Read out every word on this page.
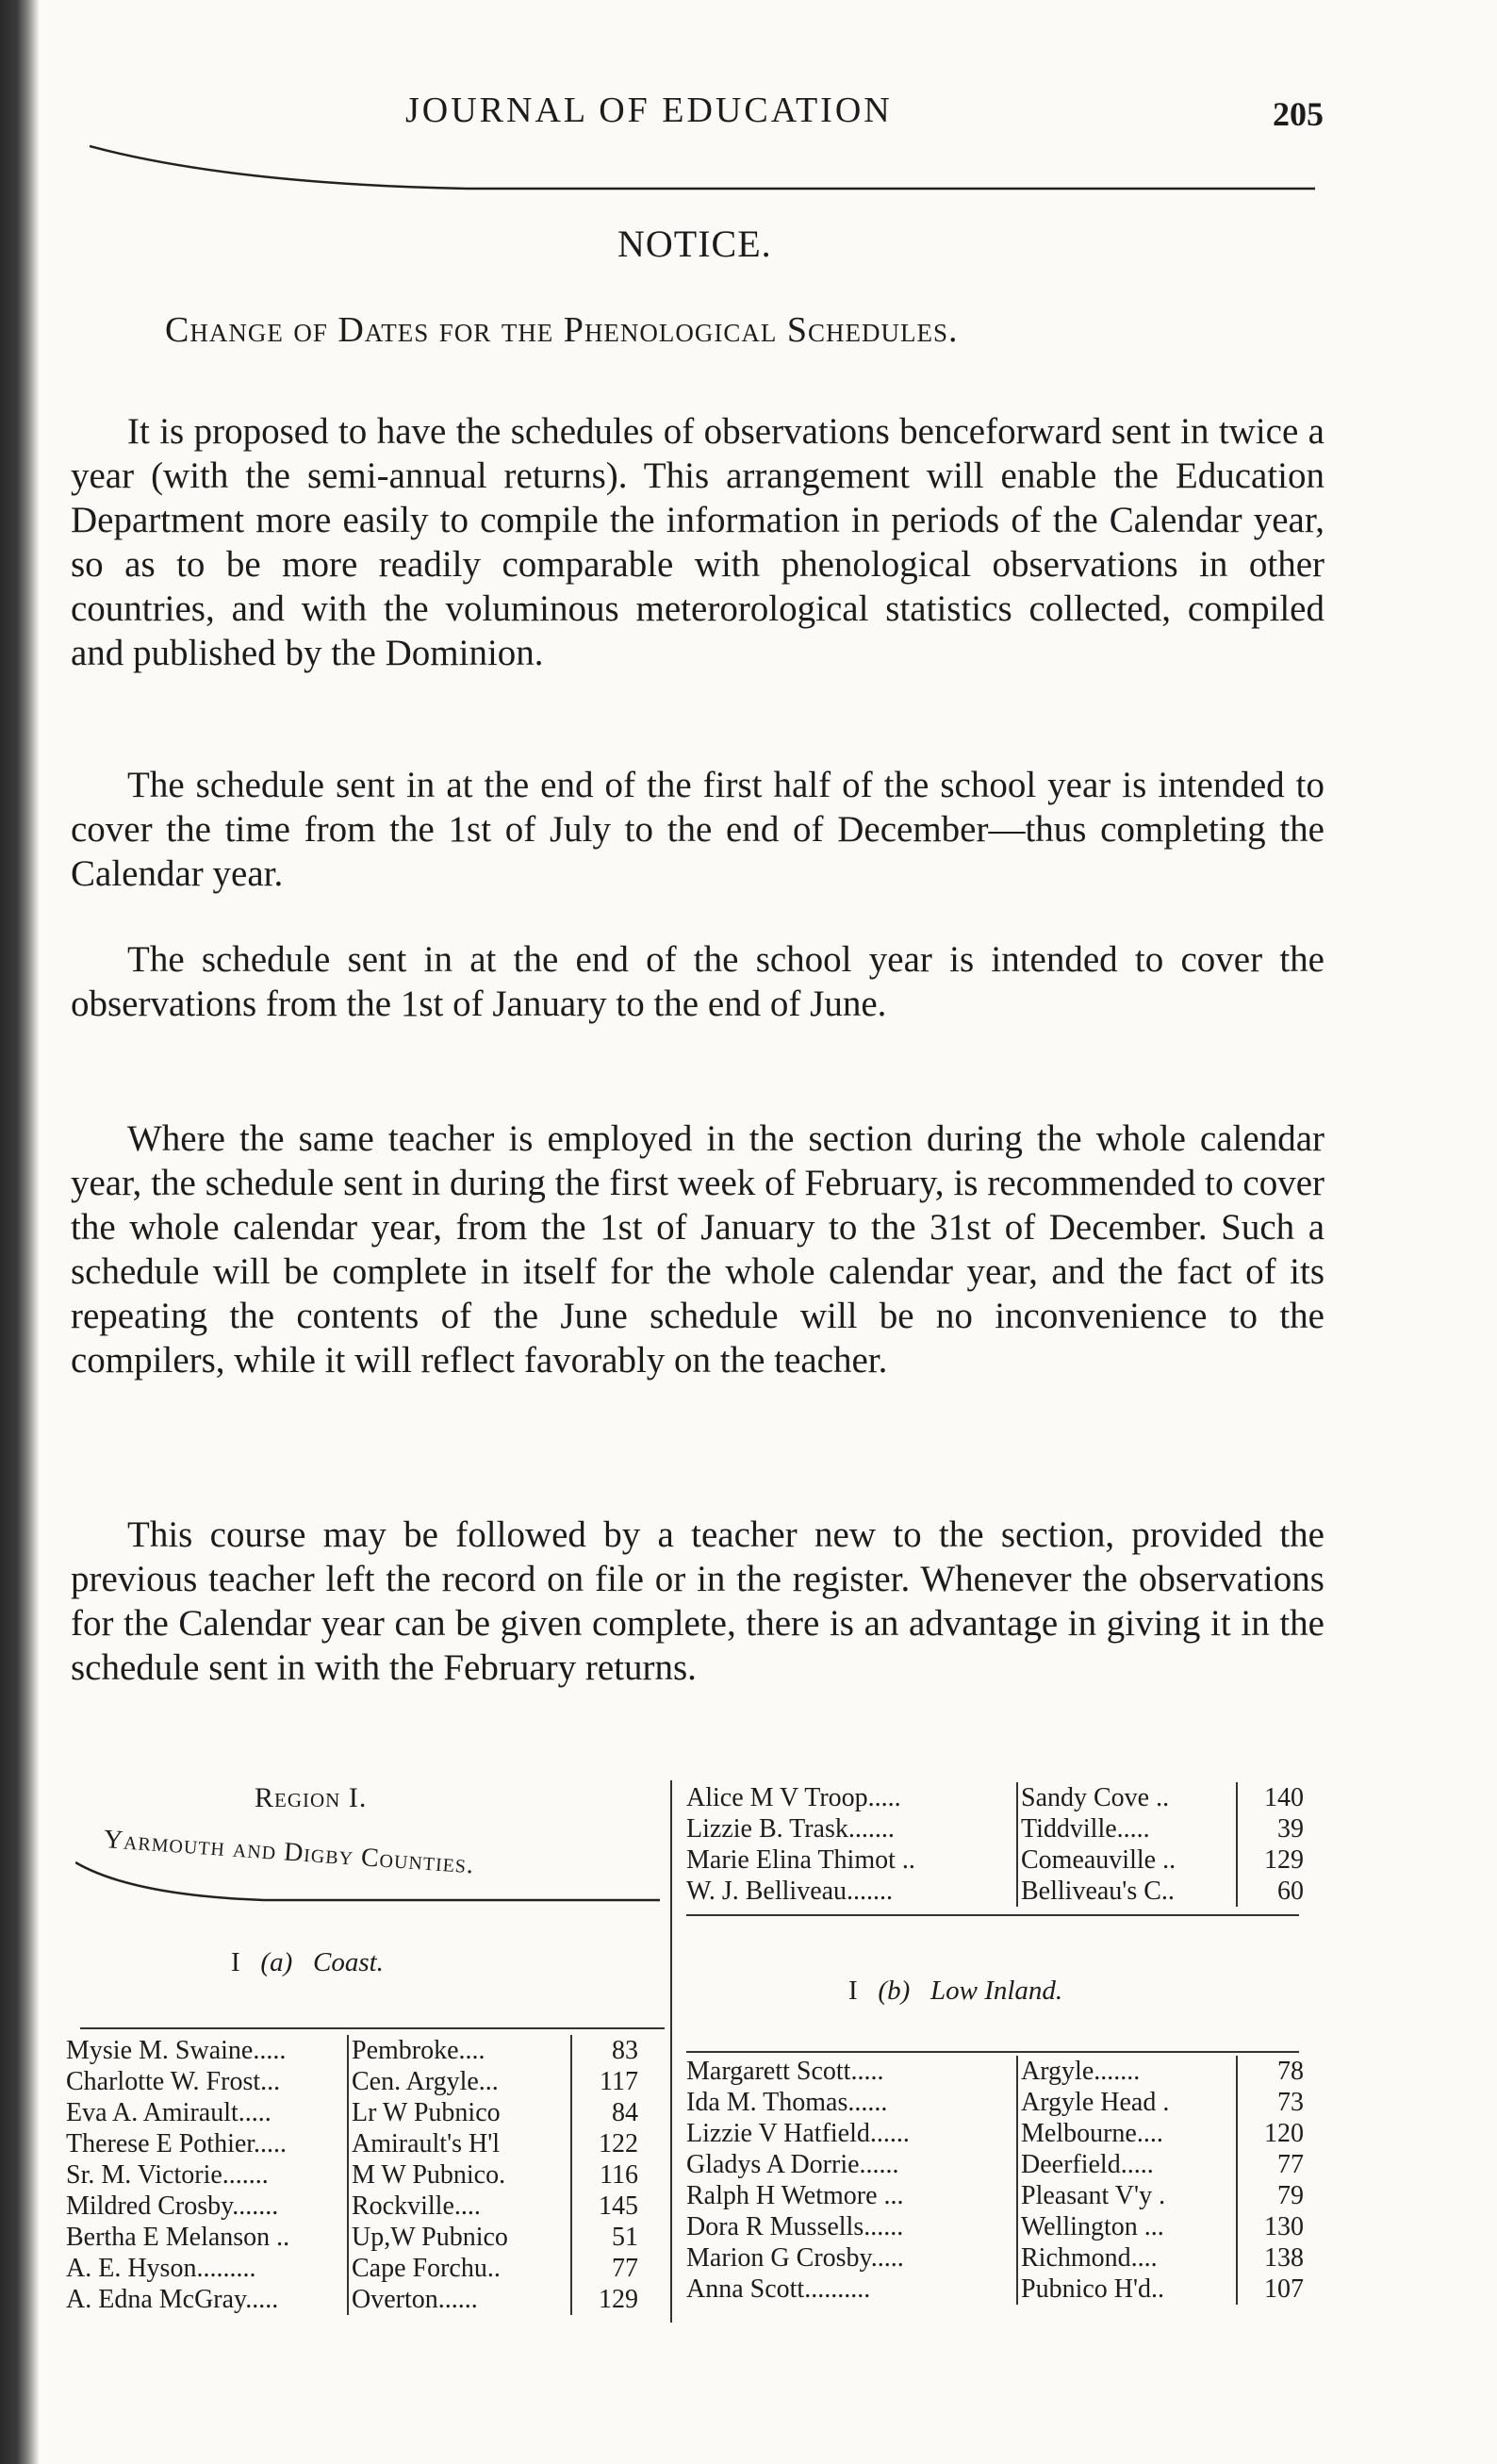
JOURNAL OF EDUCATION	205
NOTICE.
Change of Dates for the Phenological Schedules.

It is proposed to have the schedules of observations benceforward sent in twice a year (with the semi-annual returns). This arrangement will enable the Education Department more easily to compile the information in periods of the Calendar year, so as to be more readily comparable with phenological observations in other countries, and with the voluminous meterorological statistics collected, compiled and published by the Dominion.

The schedule sent in at the end of the first half of the school year is intended to cover the time from the 1st of July to the end of December—thus completing the Calendar year.

The schedule sent in at the end of the school year is intended to cover the observations from the 1st of January to the end of June.

Where the same teacher is employed in the section during the whole calendar year, the schedule sent in during the first week of February, is recommended to cover the whole calendar year, from the 1st of January to the 31st of December. Such a schedule will be complete in itself for the whole calendar year, and the fact of its repeating the contents of the June schedule will be no inconvenience to the compilers, while it will reflect favorably on the teacher.

This course may be followed by a teacher new to the section, provided the previous teacher left the record on file or in the register. Whenever the observations for the Calendar year can be given complete, there is an advantage in giving it in the schedule sent in with the February returns.

Region I.
Yarmouth and Digby Counties.
I (a) Coast.
Mysie M. Swaine.....	Pembroke....	83
Charlotte W. Frost...	Cen. Argyle...	117
Eva A. Amirault.....	Lr W Pubnico	84
Therese E Pothier.....	Amirault's H'l	122
Sr. M. Victorie.......	M W Pubnico.	116
Mildred Crosby.......	Rockville....	145
Bertha E Melanson ..	Up,W Pubnico	51
A. E. Hyson.........	Cape Forchu..	77
A. Edna McGray.....	Overton......	129
Alice M V Troop.....	Sandy Cove ..	140
Lizzie B. Trask.......	Tiddville.....	39
Marie Elina Thimot ..	Comeauville ..	129
W. J. Belliveau.......	Belliveau's C..	60
I (b) Low Inland.
Margarett Scott.....	Argyle.......	78
Ida M. Thomas......	Argyle Head .	73
Lizzie V Hatfield......	Melbourne....	120
Gladys A Dorrie......	Deerfield.....	77
Ralph H Wetmore ...	Pleasant V'y .	79
Dora R Mussells......	Wellington ...	130
Marion G Crosby.....	Richmond....	138
Anna Scott..........	Pubnico H'd..	107
